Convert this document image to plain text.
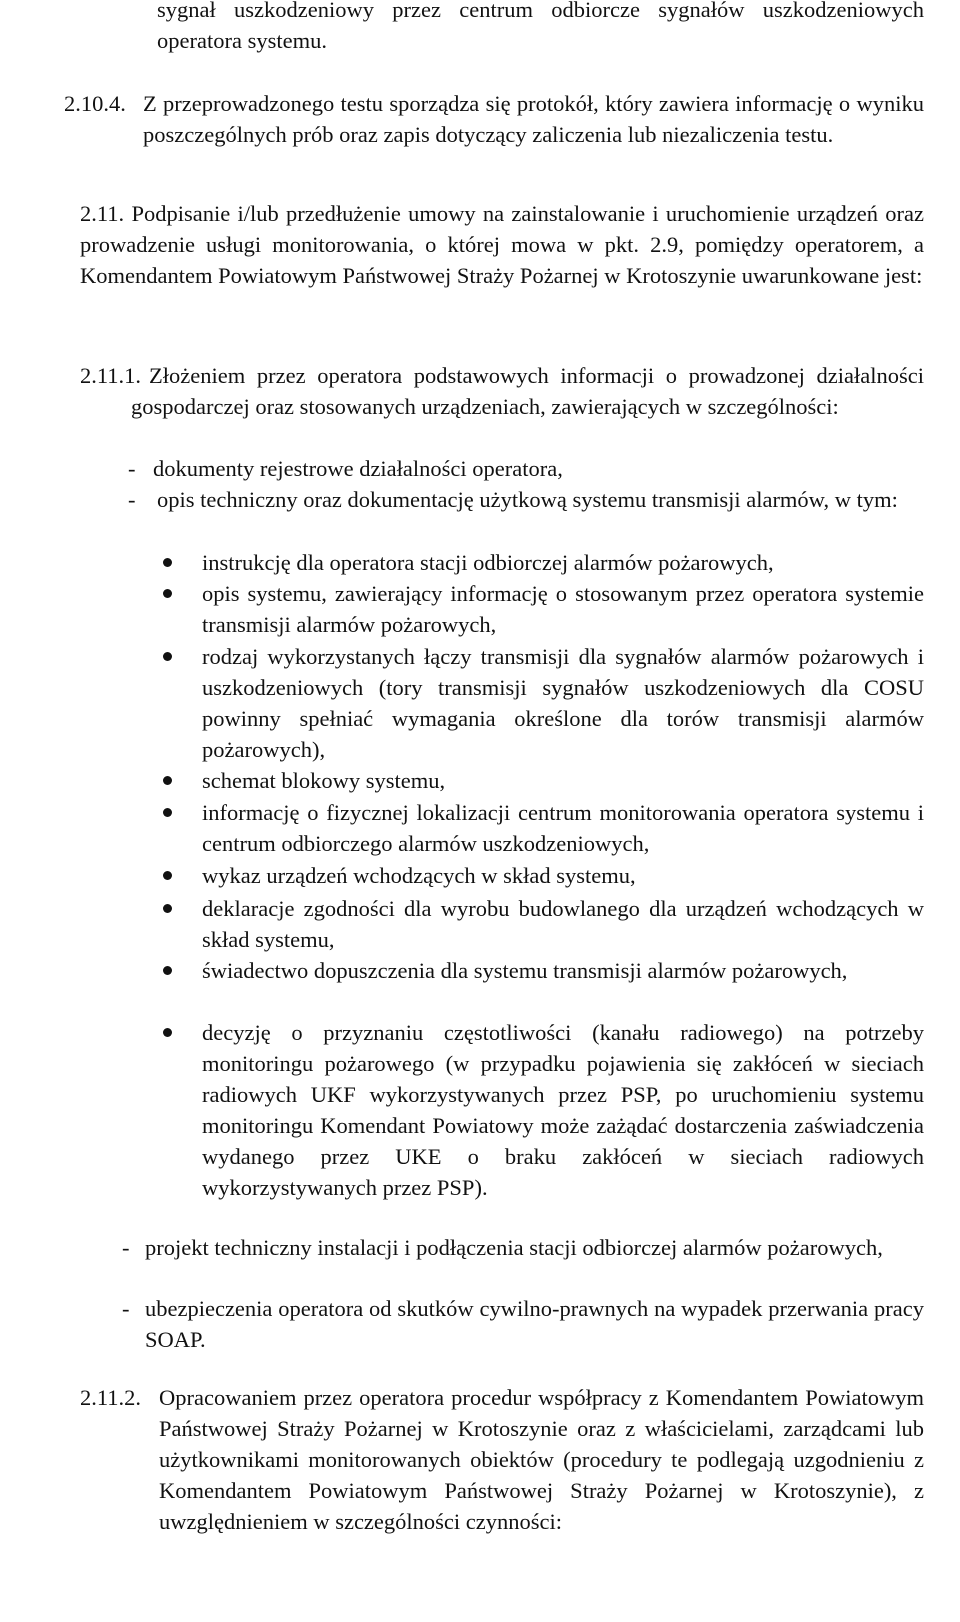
sygnał uszkodzeniowy przez centrum odbiorcze sygnałów uszkodzeniowych operatora systemu.

2.10.4. Z przeprowadzonego testu sporządza się protokół, który zawiera informację o wyniku poszczególnych prób oraz zapis dotyczący zaliczenia lub niezaliczenia testu.

2.11. Podpisanie i/lub przedłużenie umowy na zainstalowanie i uruchomienie urządzeń oraz prowadzenie usługi monitorowania, o której mowa w pkt. 2.9, pomiędzy operatorem, a Komendantem Powiatowym Państwowej Straży Pożarnej w Krotoszynie uwarunkowane jest:

2.11.1. Złożeniem przez operatora podstawowych informacji o prowadzonej działalności gospodarczej oraz stosowanych urządzeniach, zawierających w szczególności:

- dokumenty rejestrowe działalności operatora,

- opis techniczny oraz dokumentację użytkową systemu transmisji alarmów, w tym:

instrukcję dla operatora stacji odbiorczej alarmów pożarowych,

opis systemu, zawierający informację o stosowanym przez operatora systemie transmisji alarmów pożarowych,

rodzaj wykorzystanych łączy transmisji dla sygnałów alarmów pożarowych i uszkodzeniowych (tory transmisji sygnałów uszkodzeniowych dla COSU powinny spełniać wymagania określone dla torów transmisji alarmów pożarowych),

schemat blokowy systemu,

informację o fizycznej lokalizacji centrum monitorowania operatora systemu i centrum odbiorczego alarmów uszkodzeniowych,

wykaz urządzeń wchodzących w skład systemu,

deklaracje zgodności dla wyrobu budowlanego dla urządzeń wchodzących w skład systemu,

świadectwo dopuszczenia dla systemu transmisji alarmów pożarowych,

decyzję o przyznaniu częstotliwości (kanału radiowego) na potrzeby monitoringu pożarowego (w przypadku pojawienia się zakłóceń w sieciach radiowych UKF wykorzystywanych przez PSP, po uruchomieniu systemu monitoringu Komendant Powiatowy może zażądać dostarczenia zaświadczenia wydanego przez UKE o braku zakłóceń w sieciach radiowych wykorzystywanych przez PSP).

- projekt techniczny instalacji i podłączenia stacji odbiorczej alarmów pożarowych,

- ubezpieczenia operatora od skutków cywilno-prawnych na wypadek przerwania pracy SOAP.

2.11.2. Opracowaniem przez operatora procedur współpracy z Komendantem Powiatowym Państwowej Straży Pożarnej w Krotoszynie oraz z właścicielami, zarządcami lub użytkownikami monitorowanych obiektów (procedury te podlegają uzgodnieniu z Komendantem Powiatowym Państwowej Straży Pożarnej w Krotoszynie), z uwzględnieniem w szczególności czynności:
